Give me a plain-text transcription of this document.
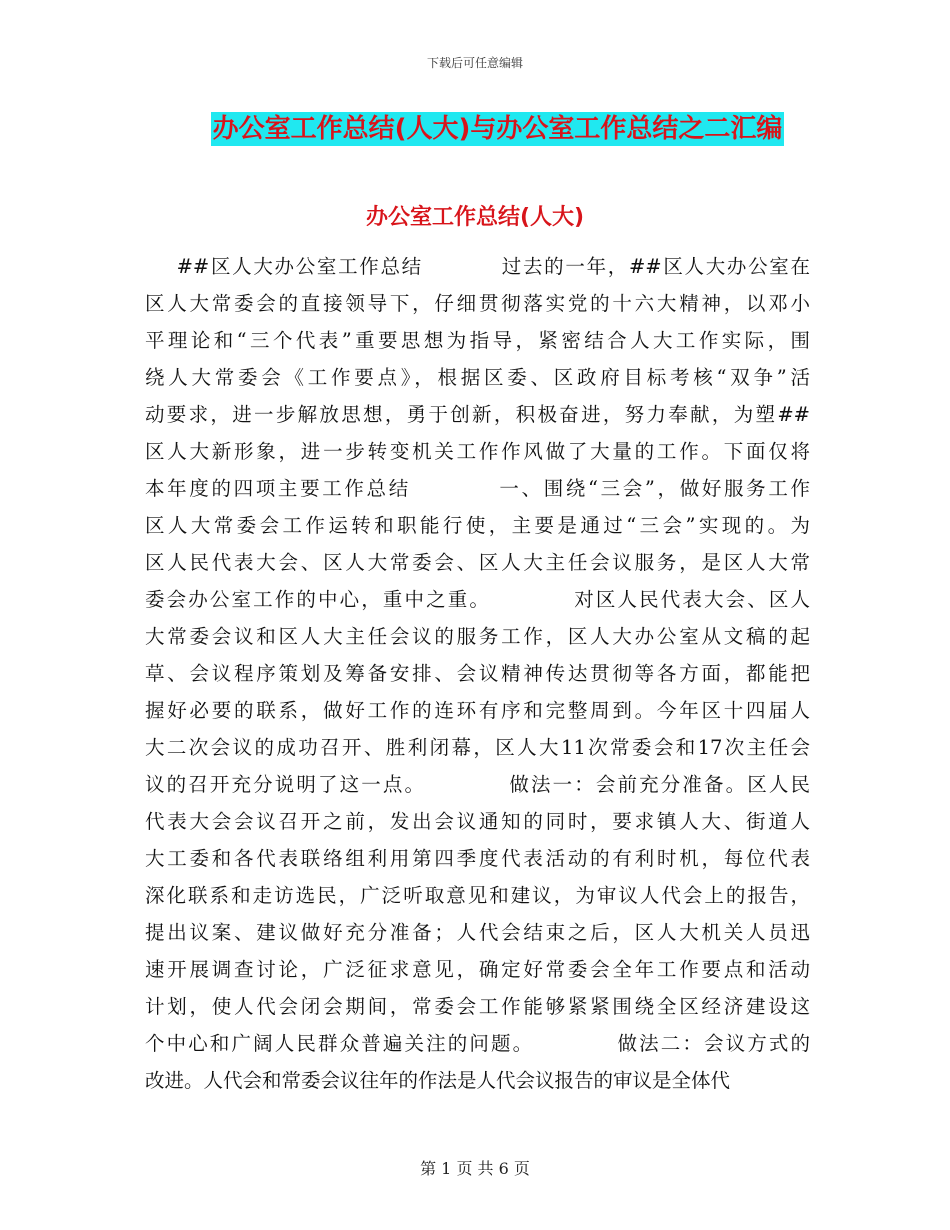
下载后可任意编辑
办公室工作总结(人大)与办公室工作总结之二汇编
办公室工作总结(人大)
##区人大办公室工作总结          过去的一年，##区人大办公室在
区人大常委会的直接领导下，仔细贯彻落实党的十六大精神，以邓小
平理论和“三个代表”重要思想为指导，紧密结合人大工作实际，围
绕人大常委会《工作要点》，根据区委、区政府目标考核“双争”活
动要求，进一步解放思想，勇于创新，积极奋进，努力奉献，为塑##
区人大新形象，进一步转变机关工作作风做了大量的工作。下面仅将
本年度的四项主要工作总结          一、围绕“三会”，做好服务工作
区人大常委会工作运转和职能行使，主要是通过“三会”实现的。为
区人民代表大会、区人大常委会、区人大主任会议服务，是区人大常
委会办公室工作的中心，重中之重。          对区人民代表大会、区人
大常委会议和区人大主任会议的服务工作，区人大办公室从文稿的起
草、会议程序策划及筹备安排、会议精神传达贯彻等各方面，都能把
握好必要的联系，做好工作的连环有序和完整周到。今年区十四届人
大二次会议的成功召开、胜利闭幕，区人大11次常委会和17次主任会
议的召开充分说明了这一点。          做法一：会前充分准备。区人民
代表大会会议召开之前，发出会议通知的同时，要求镇人大、街道人
大工委和各代表联络组利用第四季度代表活动的有利时机，每位代表
深化联系和走访选民，广泛听取意见和建议，为审议人代会上的报告，
提出议案、建议做好充分准备；人代会结束之后，区人大机关人员迅
速开展调查讨论，广泛征求意见，确定好常委会全年工作要点和活动
计划，使人代会闭会期间，常委会工作能够紧紧围绕全区经济建设这
个中心和广阔人民群众普遍关注的问题。          做法二：会议方式的
改进。人代会和常委会议往年的作法是人代会议报告的审议是全体代
第 1 页 共 6 页
